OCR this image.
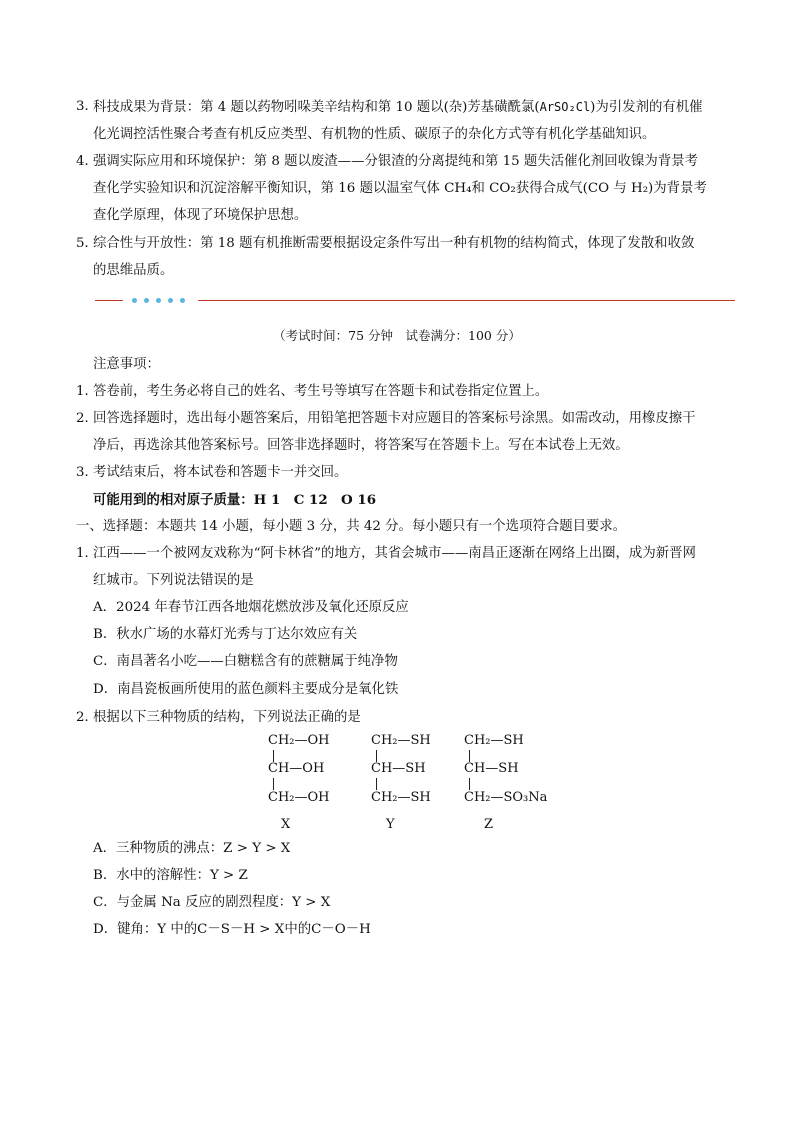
3．
科技成果为背景：第 4 题以药物吲哚美辛结构和第 10 题以(杂)芳基磺酰氯(ArSO₂Cl)为引发剂的有机催
化光调控活性聚合考查有机反应类型、有机物的性质、碳原子的杂化方式等有机化学基础知识。
4．
强调实际应用和环境保护：第 8 题以废渣——分银渣的分离提纯和第 15 题失活催化剂回收镍为背景考
查化学实验知识和沉淀溶解平衡知识，第 16 题以温室气体 CH₄和 CO₂获得合成气(CO 与 H₂)为背景考
查化学原理，体现了环境保护思想。
5．
综合性与开放性：第 18 题有机推断需要根据设定条件写出一种有机物的结构简式，体现了发散和收敛
的思维品质。
（考试时间：75 分钟　试卷满分：100 分）
注意事项：
1．
答卷前，考生务必将自己的姓名、考生号等填写在答题卡和试卷指定位置上。
2．
回答选择题时，选出每小题答案后，用铅笔把答题卡对应题目的答案标号涂黑。如需改动，用橡皮擦干
净后，再选涂其他答案标号。回答非选择题时，将答案写在答题卡上。写在本试卷上无效。
3．
考试结束后，将本试卷和答题卡一并交回。
可能用到的相对原子质量：H 1　C 12　O 16
一、选择题：本题共 14 小题，每小题 3 分，共 42 分。每小题只有一个选项符合题目要求。
1．
江西——一个被网友戏称为“阿卡林省”的地方，其省会城市——南昌正逐渐在网络上出圈，成为新晋网
红城市。下列说法错误的是
A．2024 年春节江西各地烟花燃放涉及氧化还原反应
B．秋水广场的水幕灯光秀与丁达尔效应有关
C．南昌著名小吃——白糖糕含有的蔗糖属于纯净物
D．南昌瓷板画所使用的蓝色颜料主要成分是氧化铁
2．
根据以下三种物质的结构，下列说法正确的是
CH₂—OH
CH—OH
CH₂—OH
CH₂—SH
CH—SH
CH₂—SH
CH₂—SH
CH—SH
CH₂—SO₃Na
X	Y	Z
A．三种物质的沸点：Z > Y > X
B．水中的溶解性：Y > Z
C．与金属 Na 反应的剧烈程度：Y > X
D．键角：Y 中的C－S－H > X中的C－O－H
